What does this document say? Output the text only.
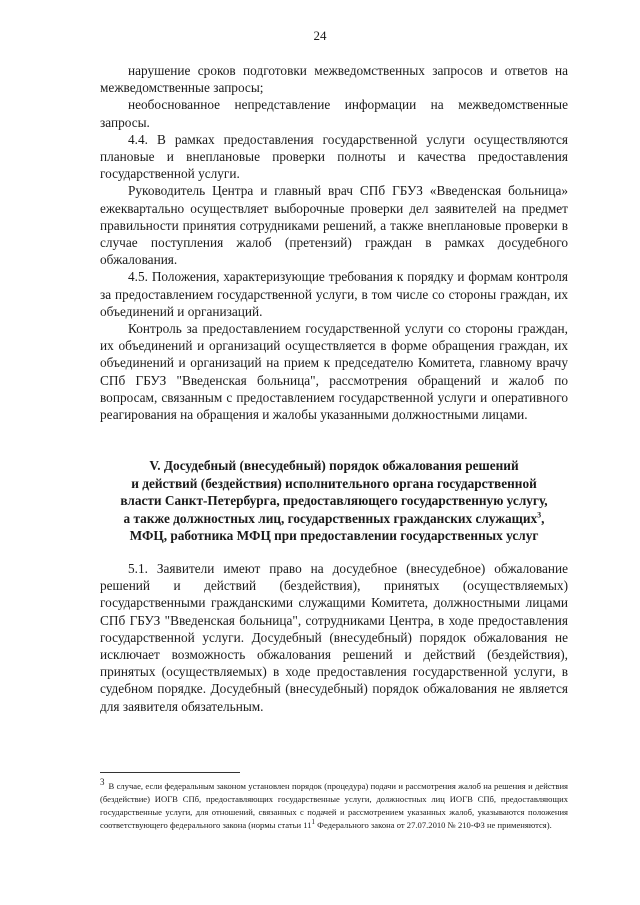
24

нарушение сроков подготовки межведомственных запросов и ответов на межведомственные запросы;

необоснованное непредставление информации на межведомственные запросы.

4.4. В рамках предоставления государственной услуги осуществляются плановые и внеплановые проверки полноты и качества предоставления государственной услуги.

Руководитель Центра и главный врач СПб ГБУЗ «Введенская больница» ежеквартально осуществляет выборочные проверки дел заявителей на предмет правильности принятия сотрудниками решений, а также внеплановые проверки в случае поступления жалоб (претензий) граждан в рамках досудебного обжалования.

4.5. Положения, характеризующие требования к порядку и формам контроля за предоставлением государственной услуги, в том числе со стороны граждан, их объединений и организаций.

Контроль за предоставлением государственной услуги со стороны граждан, их объединений и организаций осуществляется в форме обращения граждан, их объединений и организаций на прием к председателю Комитета, главному врачу СПб ГБУЗ "Введенская больница", рассмотрения обращений и жалоб по вопросам, связанным с предоставлением государственной услуги и оперативного реагирования на обращения и жалобы указанными должностными лицами.

V. Досудебный (внесудебный) порядок обжалования решений
и действий (бездействия) исполнительного органа государственной
власти Санкт-Петербурга, предоставляющего государственную услугу,
а также должностных лиц, государственных гражданских служащих$^3$,
МФЦ, работника МФЦ при предоставлении государственных услуг

5.1. Заявители имеют право на досудебное (внесудебное) обжалование решений и действий (бездействия), принятых (осуществляемых) государственными гражданскими служащими Комитета, должностными лицами СПб ГБУЗ "Введенская больница", сотрудниками Центра, в ходе предоставления государственной услуги. Досудебный (внесудебный) порядок обжалования не исключает возможность обжалования решений и действий (бездействия), принятых (осуществляемых) в ходе предоставления государственной услуги, в судебном порядке. Досудебный (внесудебный) порядок обжалования не является для заявителя обязательным.

3 В случае, если федеральным законом установлен порядок (процедура) подачи и рассмотрения жалоб на решения и действия (бездействие) ИОГВ СПб, предоставляющих государственные услуги, должностных лиц ИОГВ СПб, предоставляющих государственные услуги, для отношений, связанных с подачей и рассмотрением указанных жалоб, указываются положения соответствующего федерального закона (нормы статьи $11^1$ Федерального закона от 27.07.2010 № 210-ФЗ не применяются).
